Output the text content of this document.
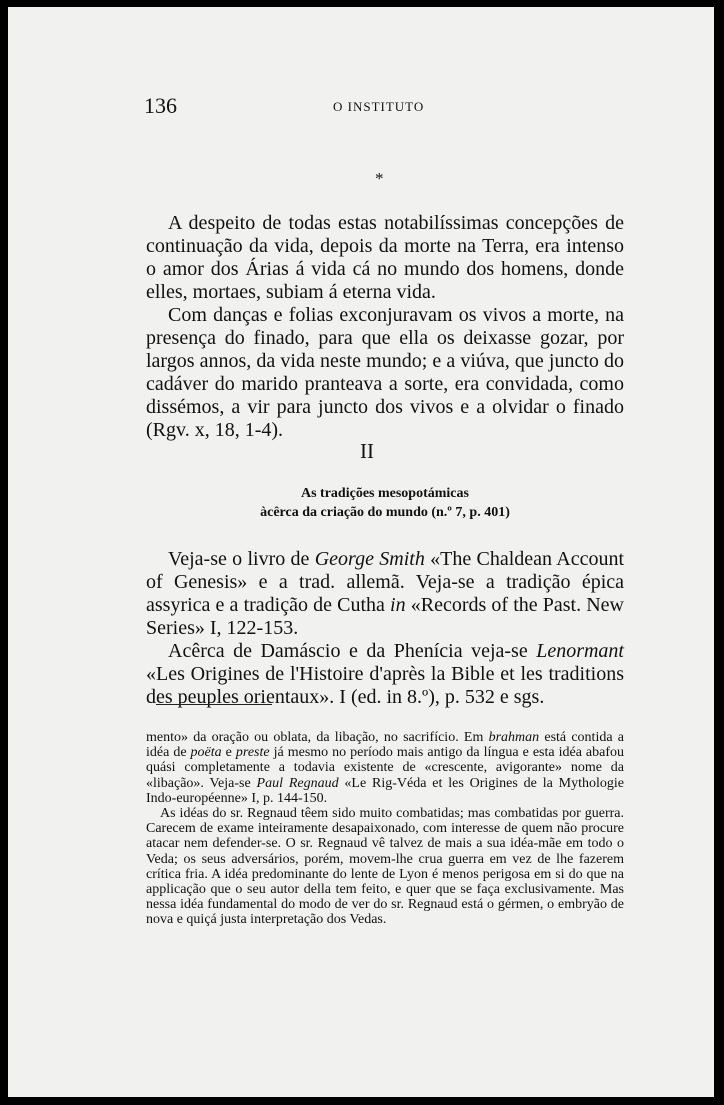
136	O INSTITUTO
*

A despeito de todas estas notabilíssimas concepções de continuação da vida, depois da morte na Terra, era intenso o amor dos Árias á vida cá no mundo dos homens, donde elles, mortaes, subiam á eterna vida.

Com danças e folias exconjuravam os vivos a morte, na presença do finado, para que ella os deixasse gozar, por largos annos, da vida neste mundo; e a viúva, que juncto do cadáver do marido pranteava a sorte, era convidada, como dissémos, a vir para juncto dos vivos e a olvidar o finado (Rgv. x, 18, 1-4).

II
As tradições mesopotámicas
àcêrca da criação do mundo (n.º 7, p. 401)

Veja-se o livro de George Smith «The Chaldean Account of Genesis» e a trad. allemã. Veja-se a tradição épica assyrica e a tradição de Cutha in «Records of the Past. New Series» I, 122-153.

Acêrca de Damáscio e da Phenícia veja-se Lenormant «Les Origines de l'Histoire d'après la Bible et les traditions des peuples orientaux». I (ed. in 8.º), p. 532 e sgs.

mento» da oração ou oblata, da libação, no sacrifício. Em brahman está contida a idéa de poëta e preste já mesmo no período mais antigo da língua e esta idéa abafou quási completamente a todavia existente de «crescente, avigorante» nome da «libação». Veja-se Paul Regnaud «Le Rig-Véda et les Origines de la Mythologie Indo-européenne» I, p. 144-150.

As idéas do sr. Regnaud têem sido muito combatidas; mas combatidas por guerra. Carecem de exame inteiramente desapaixonado, com interesse de quem não procure atacar nem defender-se. O sr. Regnaud vê talvez de mais a sua idéa-mãe em todo o Veda; os seus adversários, porém, movem-lhe crua guerra em vez de lhe fazerem crítica fria. A idéa predominante do lente de Lyon é menos perigosa em si do que na applicação que o seu autor della tem feito, e quer que se faça exclusivamente. Mas nessa idéa fundamental do modo de ver do sr. Regnaud está o gérmen, o embryão de nova e quiçá justa interpretação dos Vedas.
